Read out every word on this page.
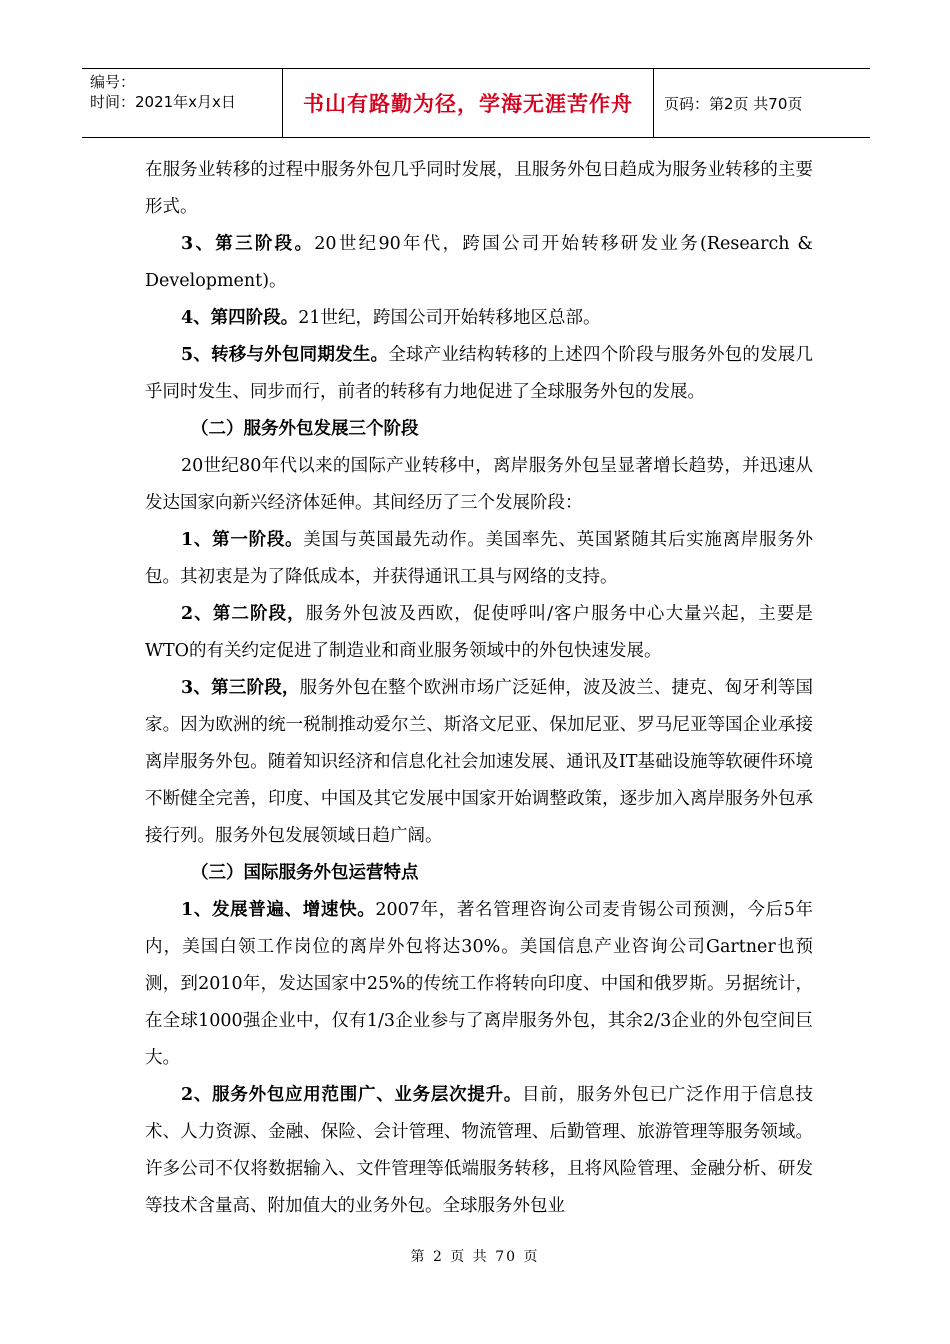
编号：
时间：2021年x月x日	书山有路勤为径，学海无涯苦作舟	页码：第2页 共70页

在服务业转移的过程中服务外包几乎同时发展，且服务外包日趋成为服务业转移的主要形式。

3、第三阶段。20世纪90年代，跨国公司开始转移研发业务(Research & Development)。

4、第四阶段。21世纪，跨国公司开始转移地区总部。

5、转移与外包同期发生。全球产业结构转移的上述四个阶段与服务外包的发展几乎同时发生、同步而行，前者的转移有力地促进了全球服务外包的发展。

（二）服务外包发展三个阶段

20世纪80年代以来的国际产业转移中，离岸服务外包呈显著增长趋势，并迅速从发达国家向新兴经济体延伸。其间经历了三个发展阶段：

1、第一阶段。美国与英国最先动作。美国率先、英国紧随其后实施离岸服务外包。其初衷是为了降低成本，并获得通讯工具与网络的支持。

2、第二阶段，服务外包波及西欧，促使呼叫/客户服务中心大量兴起，主要是WTO的有关约定促进了制造业和商业服务领域中的外包快速发展。

3、第三阶段，服务外包在整个欧洲市场广泛延伸，波及波兰、捷克、匈牙利等国家。因为欧洲的统一税制推动爱尔兰、斯洛文尼亚、保加尼亚、罗马尼亚等国企业承接离岸服务外包。随着知识经济和信息化社会加速发展、通讯及IT基础设施等软硬件环境不断健全完善，印度、中国及其它发展中国家开始调整政策，逐步加入离岸服务外包承接行列。服务外包发展领域日趋广阔。

（三）国际服务外包运营特点

1、发展普遍、增速快。2007年，著名管理咨询公司麦肯锡公司预测，今后5年内，美国白领工作岗位的离岸外包将达30%。美国信息产业咨询公司Gartner也预测，到2010年，发达国家中25%的传统工作将转向印度、中国和俄罗斯。另据统计，在全球1000强企业中，仅有1/3企业参与了离岸服务外包，其余2/3企业的外包空间巨大。

2、服务外包应用范围广、业务层次提升。目前，服务外包已广泛作用于信息技术、人力资源、金融、保险、会计管理、物流管理、后勤管理、旅游管理等服务领域。许多公司不仅将数据输入、文件管理等低端服务转移，且将风险管理、金融分析、研发等技术含量高、附加值大的业务外包。全球服务外包业

第 2 页 共 70 页
